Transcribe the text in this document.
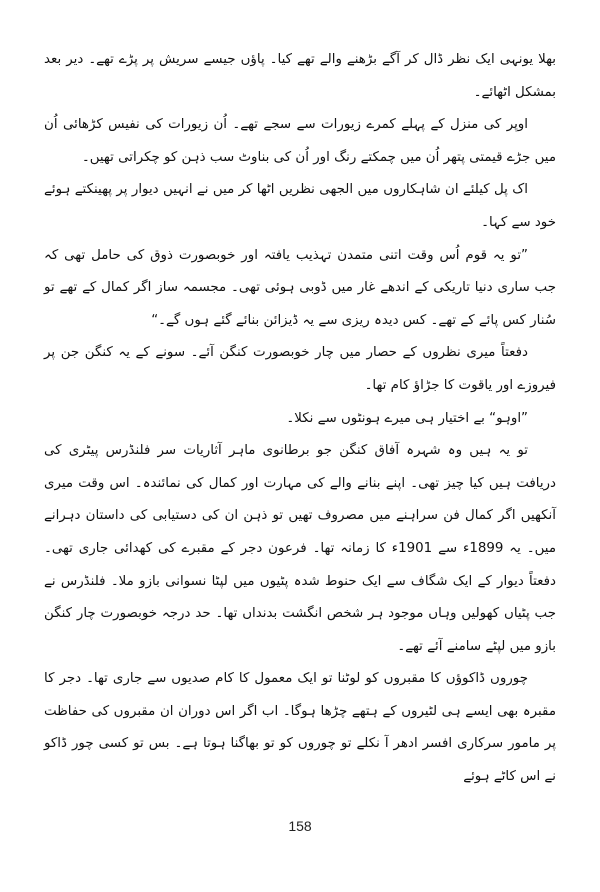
بھلا یونہی ایک نظر ڈال کر آگے بڑھنے والے تھے کیا۔ پاؤں جیسے سریش پر پڑے تھے۔ دیر بعد بمشکل اٹھائے۔

اوپر کی منزل کے پہلے کمرے زیورات سے سجے تھے۔ اُن زیورات کی نفیس کڑھائی اُن میں جڑے قیمتی پتھر اُن میں چمکتے رنگ اور اُن کی بناوٹ سب ذہن کو چکراتی تھیں۔

اک پل کیلئے ان شاہکاروں میں الجھی نظریں اٹھا کر میں نے انہیں دیوار پر پھینکتے ہوئے خود سے کہا۔

”تو یہ قوم اُس وقت اتنی متمدن تہذیب یافتہ اور خوبصورت ذوق کی حامل تھی کہ جب ساری دنیا تاریکی کے اندھے غار میں ڈوبی ہوئی تھی۔ مجسمہ ساز اگر کمال کے تھے تو سُنار کس پائے کے تھے۔ کس دیدہ ریزی سے یہ ڈیزائن بنائے گئے ہوں گے۔“

دفعتاً میری نظروں کے حصار میں چار خوبصورت کنگن آئے۔ سونے کے یہ کنگن جن پر فیروزے اور یاقوت کا جڑاؤ کام تھا۔

”اوہو“ بے اختیار ہی میرے ہونٹوں سے نکلا۔

تو یہ ہیں وہ شہرہ آفاق کنگن جو برطانوی ماہر آثاریات سر فلنڈرس پیٹری کی دریافت ہیں کیا چیز تھی۔ اپنے بنانے والے کی مہارت اور کمال کی نمائندہ۔ اس وقت میری آنکھیں اگر کمال فن سراہنے میں مصروف تھیں تو ذہن ان کی دستیابی کی داستان دہرانے میں۔ یہ 1899ء سے 1901ء کا زمانہ تھا۔ فرعون دجر کے مقبرے کی کھدائی جاری تھی۔ دفعتاً دیوار کے ایک شگاف سے ایک حنوط شدہ پٹیوں میں لپٹا نسوانی بازو ملا۔ فلنڈرس نے جب پٹیاں کھولیں وہاں موجود ہر شخص انگشت بدنداں تھا۔ حد درجہ خوبصورت چار کنگن بازو میں لپٹے سامنے آئے تھے۔

چوروں ڈاکوؤں کا مقبروں کو لوٹنا تو ایک معمول کا کام صدیوں سے جاری تھا۔ دجر کا مقبرہ بھی ایسے ہی لٹیروں کے ہتھے چڑھا ہوگا۔ اب اگر اس دوران ان مقبروں کی حفاظت پر مامور سرکاری افسر ادھر آ نکلے تو چوروں کو تو بھاگنا ہوتا ہے۔ بس تو کسی چور ڈاکو نے اس کاٹے ہوئے

158
